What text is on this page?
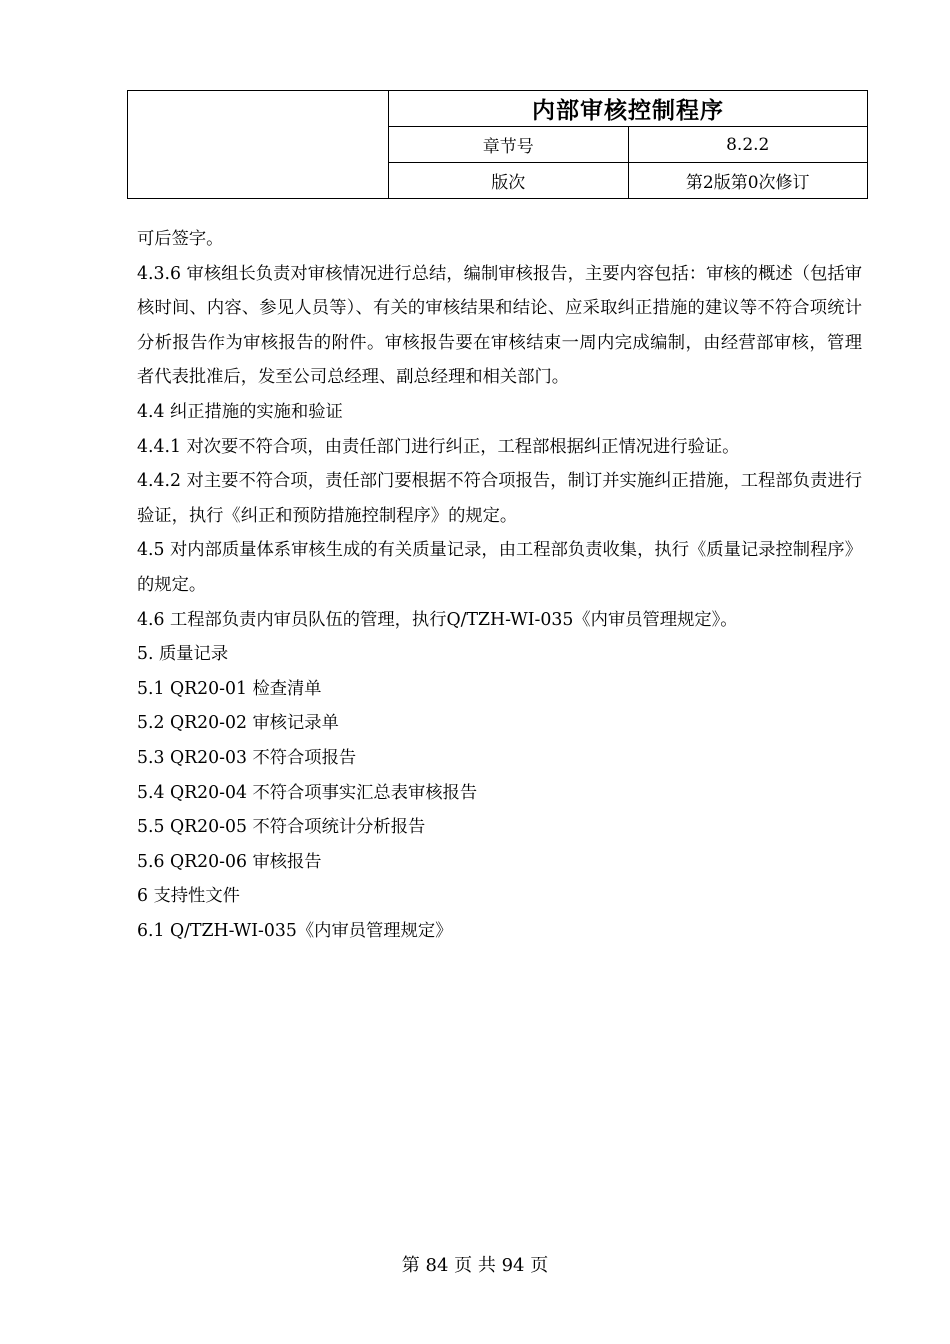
	内部审核控制程序	
	章节号	8.2.2
	版次	第2版第0次修订

可后签字。

4.3.6 审核组长负责对审核情况进行总结，编制审核报告，主要内容包括：审核的概述（包括审核时间、内容、参见人员等）、有关的审核结果和结论、应采取纠正措施的建议等不符合项统计分析报告作为审核报告的附件。审核报告要在审核结束一周内完成编制，由经营部审核，管理者代表批准后，发至公司总经理、副总经理和相关部门。

4.4 纠正措施的实施和验证

4.4.1 对次要不符合项，由责任部门进行纠正，工程部根据纠正情况进行验证。

4.4.2 对主要不符合项，责任部门要根据不符合项报告，制订并实施纠正措施，工程部负责进行验证，执行《纠正和预防措施控制程序》的规定。

4.5 对内部质量体系审核生成的有关质量记录，由工程部负责收集，执行《质量记录控制程序》的规定。

4.6 工程部负责内审员队伍的管理，执行Q/TZH-WI-035《内审员管理规定》。

5. 质量记录

5.1 QR20-01 检查清单

5.2 QR20-02 审核记录单

5.3 QR20-03 不符合项报告

5.4 QR20-04 不符合项事实汇总表审核报告

5.5 QR20-05 不符合项统计分析报告

5.6 QR20-06 审核报告

6 支持性文件

6.1 Q/TZH-WI-035《内审员管理规定》

第 84 页 共 94 页
